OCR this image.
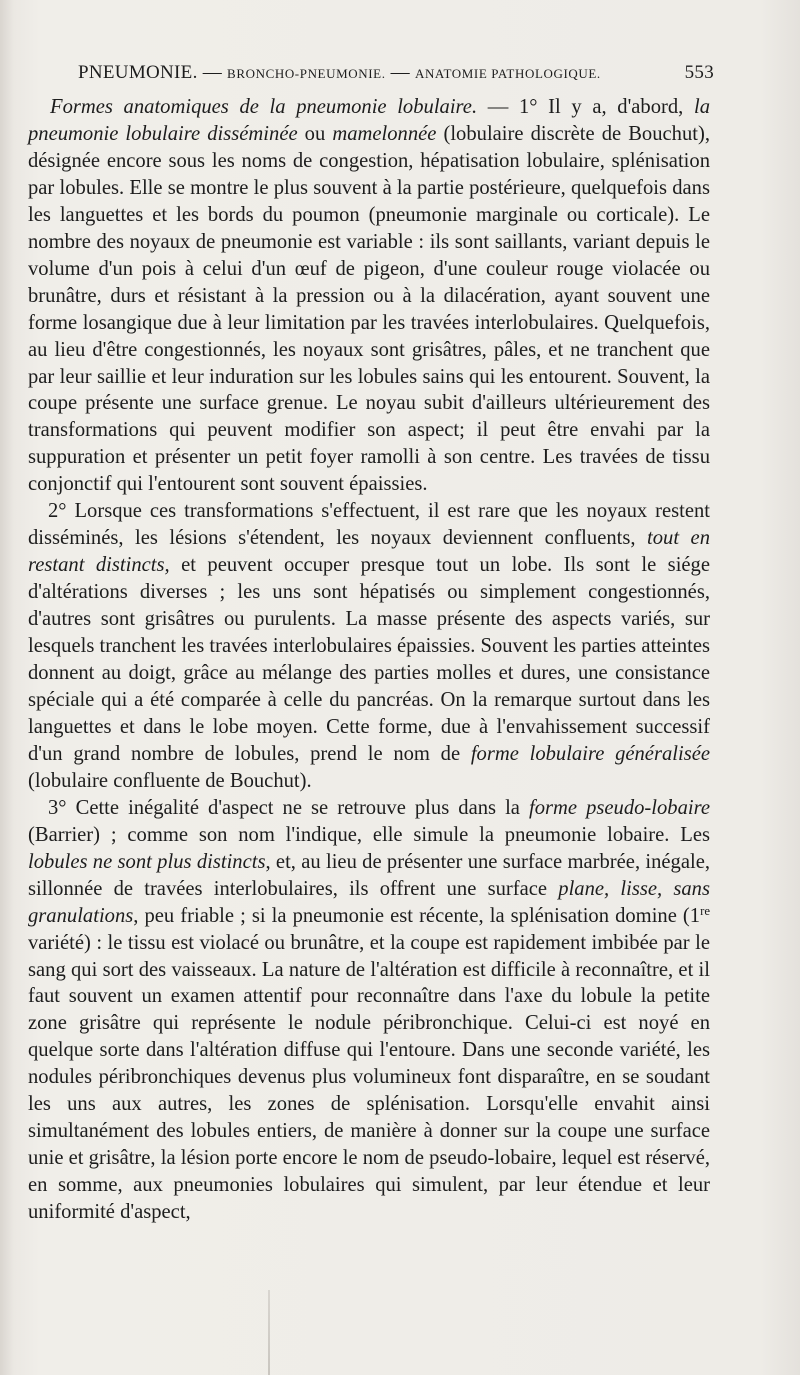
PNEUMONIE. — BRONCHO-PNEUMONIE. — ANATOMIE PATHOLOGIQUE.	553

Formes anatomiques de la pneumonie lobulaire. — 1° Il y a, d'abord, la pneumonie lobulaire disséminée ou mamelonnée (lobulaire discrète de Bouchut), désignée encore sous les noms de congestion, hépatisation lobulaire, splénisation par lobules. Elle se montre le plus souvent à la partie postérieure, quelquefois dans les languettes et les bords du poumon (pneumonie marginale ou corticale). Le nombre des noyaux de pneumonie est variable : ils sont saillants, variant depuis le volume d'un pois à celui d'un œuf de pigeon, d'une couleur rouge violacée ou brunâtre, durs et résistant à la pression ou à la dilacération, ayant souvent une forme losangique due à leur limitation par les travées interlobulaires. Quelquefois, au lieu d'être congestionnés, les noyaux sont grisâtres, pâles, et ne tranchent que par leur saillie et leur induration sur les lobules sains qui les entourent. Souvent, la coupe présente une surface grenue. Le noyau subit d'ailleurs ultérieurement des transformations qui peuvent modifier son aspect; il peut être envahi par la suppuration et présenter un petit foyer ramolli à son centre. Les travées de tissu conjonctif qui l'entourent sont souvent épaissies.

2° Lorsque ces transformations s'effectuent, il est rare que les noyaux restent disséminés, les lésions s'étendent, les noyaux deviennent confluents, tout en restant distincts, et peuvent occuper presque tout un lobe. Ils sont le siége d'altérations diverses ; les uns sont hépatisés ou simplement congestionnés, d'autres sont grisâtres ou purulents. La masse présente des aspects variés, sur lesquels tranchent les travées interlobulaires épaissies. Souvent les parties atteintes donnent au doigt, grâce au mélange des parties molles et dures, une consistance spéciale qui a été comparée à celle du pancréas. On la remarque surtout dans les languettes et dans le lobe moyen. Cette forme, due à l'envahissement successif d'un grand nombre de lobules, prend le nom de forme lobulaire généralisée (lobulaire confluente de Bouchut).

3° Cette inégalité d'aspect ne se retrouve plus dans la forme pseudo-lobaire (Barrier) ; comme son nom l'indique, elle simule la pneumonie lobaire. Les lobules ne sont plus distincts, et, au lieu de présenter une surface marbrée, inégale, sillonnée de travées interlobulaires, ils offrent une surface plane, lisse, sans granulations, peu friable ; si la pneumonie est récente, la splénisation domine (1re variété) : le tissu est violacé ou brunâtre, et la coupe est rapidement imbibée par le sang qui sort des vaisseaux. La nature de l'altération est difficile à reconnaître, et il faut souvent un examen attentif pour reconnaître dans l'axe du lobule la petite zone grisâtre qui représente le nodule péribronchique. Celui-ci est noyé en quelque sorte dans l'altération diffuse qui l'entoure. Dans une seconde variété, les nodules péribronchiques devenus plus volumineux font disparaître, en se soudant les uns aux autres, les zones de splénisation. Lorsqu'elle envahit ainsi simultanément des lobules entiers, de manière à donner sur la coupe une surface unie et grisâtre, la lésion porte encore le nom de pseudo-lobaire, lequel est réservé, en somme, aux pneumonies lobulaires qui simulent, par leur étendue et leur uniformité d'aspect,
